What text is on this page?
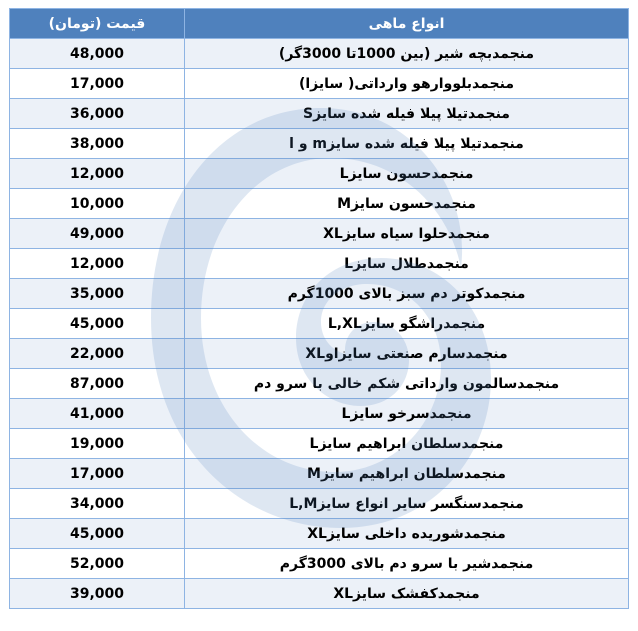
انواع ماهی	قیمت (تومان)
منجمدبچه شیر (بین 1000تا 3000گر)	48,000
منجمدبلووارهو وارداتی( سایزا)	17,000
منجمدتیلا پیلا فیله شده سایزS	36,000
منجمدتیلا پیلا فیله شده سایزm و l	38,000
منجمدحسون سایزL	12,000
منجمدحسون سایزM	10,000
منجمدحلوا سیاه سایزXL	49,000
منجمدطلال سایزL	12,000
منجمدکوتر دم سبز بالای 1000گرم	35,000
منجمدراشگو سایزL,XL	45,000
منجمدسارم صنعتی سایزاوXL	22,000
منجمدسالمون وارداتی شکم خالی با سرو دم	87,000
منجمدسرخو سایزL	41,000
منجمدسلطان ابراهیم سایزL	19,000
منجمدسلطان ابراهیم سایزM	17,000
منجمدسنگسر سایر انواع سایزL,M	34,000
منجمدشوریده داخلی سایزXL	45,000
منجمدشیر با سرو دم بالای 3000گرم	52,000
منجمدکفشک سایزXL	39,000
